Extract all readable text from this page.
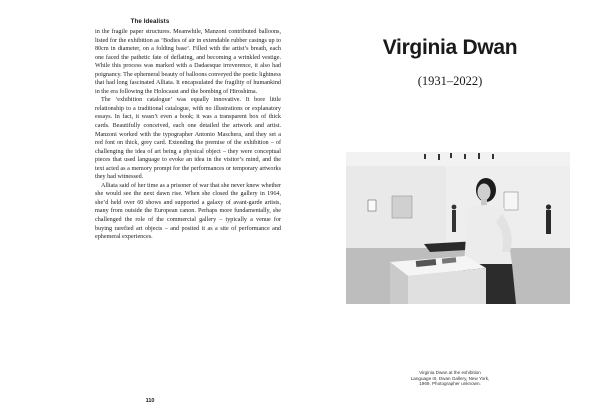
The Idealists

in the fragile paper structures. Meanwhile, Manzoni contributed balloons, listed for the exhibition as ‘Bodies of air in extendable rubber casings up to 80cm in diameter, on a folding base’. Filled with the artist’s breath, each one faced the pathetic fate of deflating, and becoming a wrinkled vestige. While this process was marked with a Dadaesque irreverence, it also had poignancy. The ephemeral beauty of balloons conveyed the poetic lightness that had long fascinated Alliata. It encapsulated the fragility of humankind in the era following the Holocaust and the bombing of Hiroshima.

The ‘exhibition catalogue’ was equally innovative. It bore little relationship to a traditional catalogue, with no illustrations or explanatory essays. In fact, it wasn’t even a book; it was a transparent box of thick cards. Beautifully conceived, each one detailed the artwork and artist. Manzoni worked with the typographer Antonio Maschera, and they set a red font on thick, grey card. Extending the premise of the exhibition – of challenging the idea of art being a physical object – they were conceptual pieces that used language to evoke an idea in the visitor’s mind, and the text acted as a memory prompt for the performances or temporary artworks they had witnessed.

Alliata said of her time as a prisoner of war that she never knew whether she would see the next dawn rise. When she closed the gallery in 1964, she’d held over 60 shows and supported a galaxy of avant-garde artists, many from outside the European canon. Perhaps more fundamentally, she challenged the role of the commercial gallery – typically a venue for buying rarefied art objects – and posited it as a site of performance and ephemeral experiences.

110
Virginia Dwan
(1931–2022)
Virginia Dwan at the exhibition
Language III, Dwan Gallery, New York,
1969. Photographer unknown.
